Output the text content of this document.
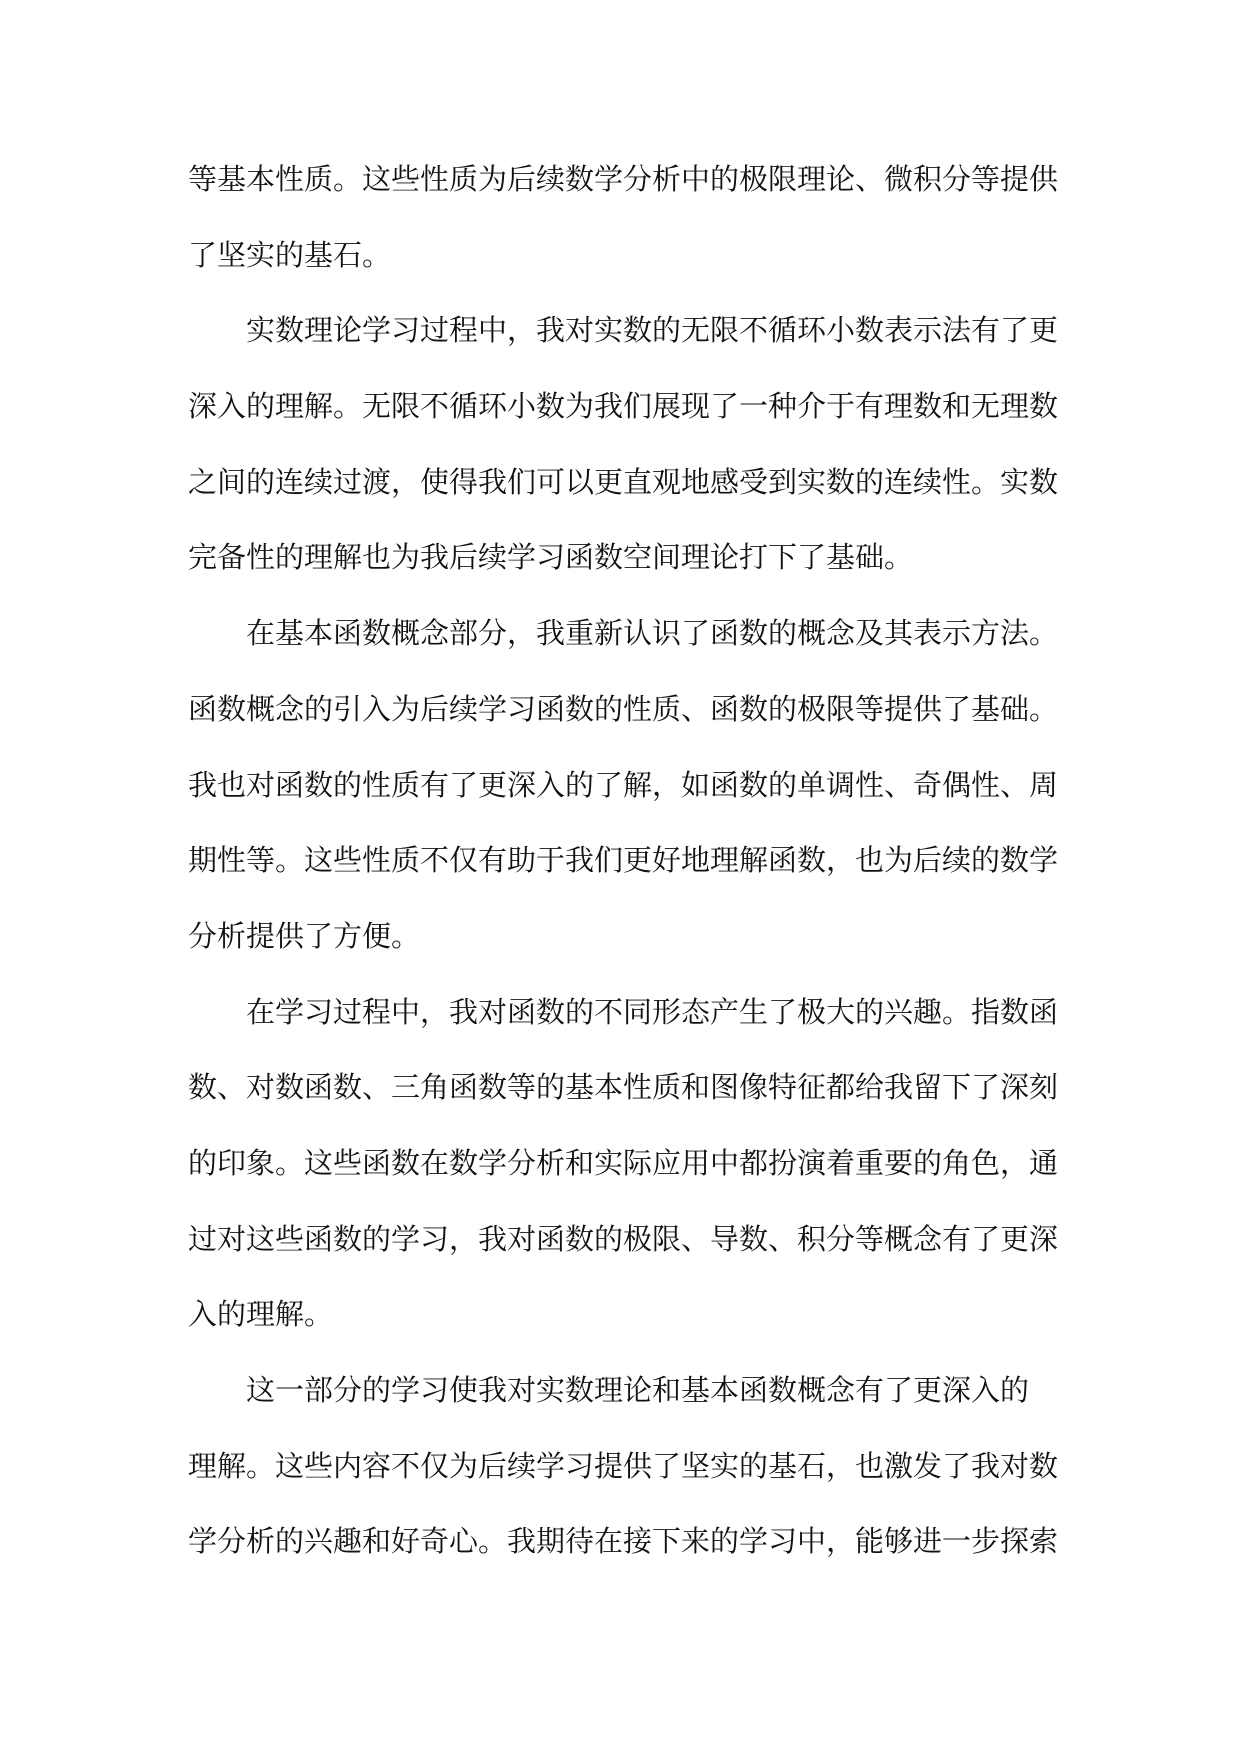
等基本性质。这些性质为后续数学分析中的极限理论、微积分等提供
了坚实的基石。
实数理论学习过程中，我对实数的无限不循环小数表示法有了更
深入的理解。无限不循环小数为我们展现了一种介于有理数和无理数
之间的连续过渡，使得我们可以更直观地感受到实数的连续性。实数
完备性的理解也为我后续学习函数空间理论打下了基础。
在基本函数概念部分，我重新认识了函数的概念及其表示方法。
函数概念的引入为后续学习函数的性质、函数的极限等提供了基础。
我也对函数的性质有了更深入的了解，如函数的单调性、奇偶性、周
期性等。这些性质不仅有助于我们更好地理解函数，也为后续的数学
分析提供了方便。
在学习过程中，我对函数的不同形态产生了极大的兴趣。指数函
数、对数函数、三角函数等的基本性质和图像特征都给我留下了深刻
的印象。这些函数在数学分析和实际应用中都扮演着重要的角色，通
过对这些函数的学习，我对函数的极限、导数、积分等概念有了更深
入的理解。
这一部分的学习使我对实数理论和基本函数概念有了更深入的
理解。这些内容不仅为后续学习提供了坚实的基石，也激发了我对数
学分析的兴趣和好奇心。我期待在接下来的学习中，能够进一步探索
